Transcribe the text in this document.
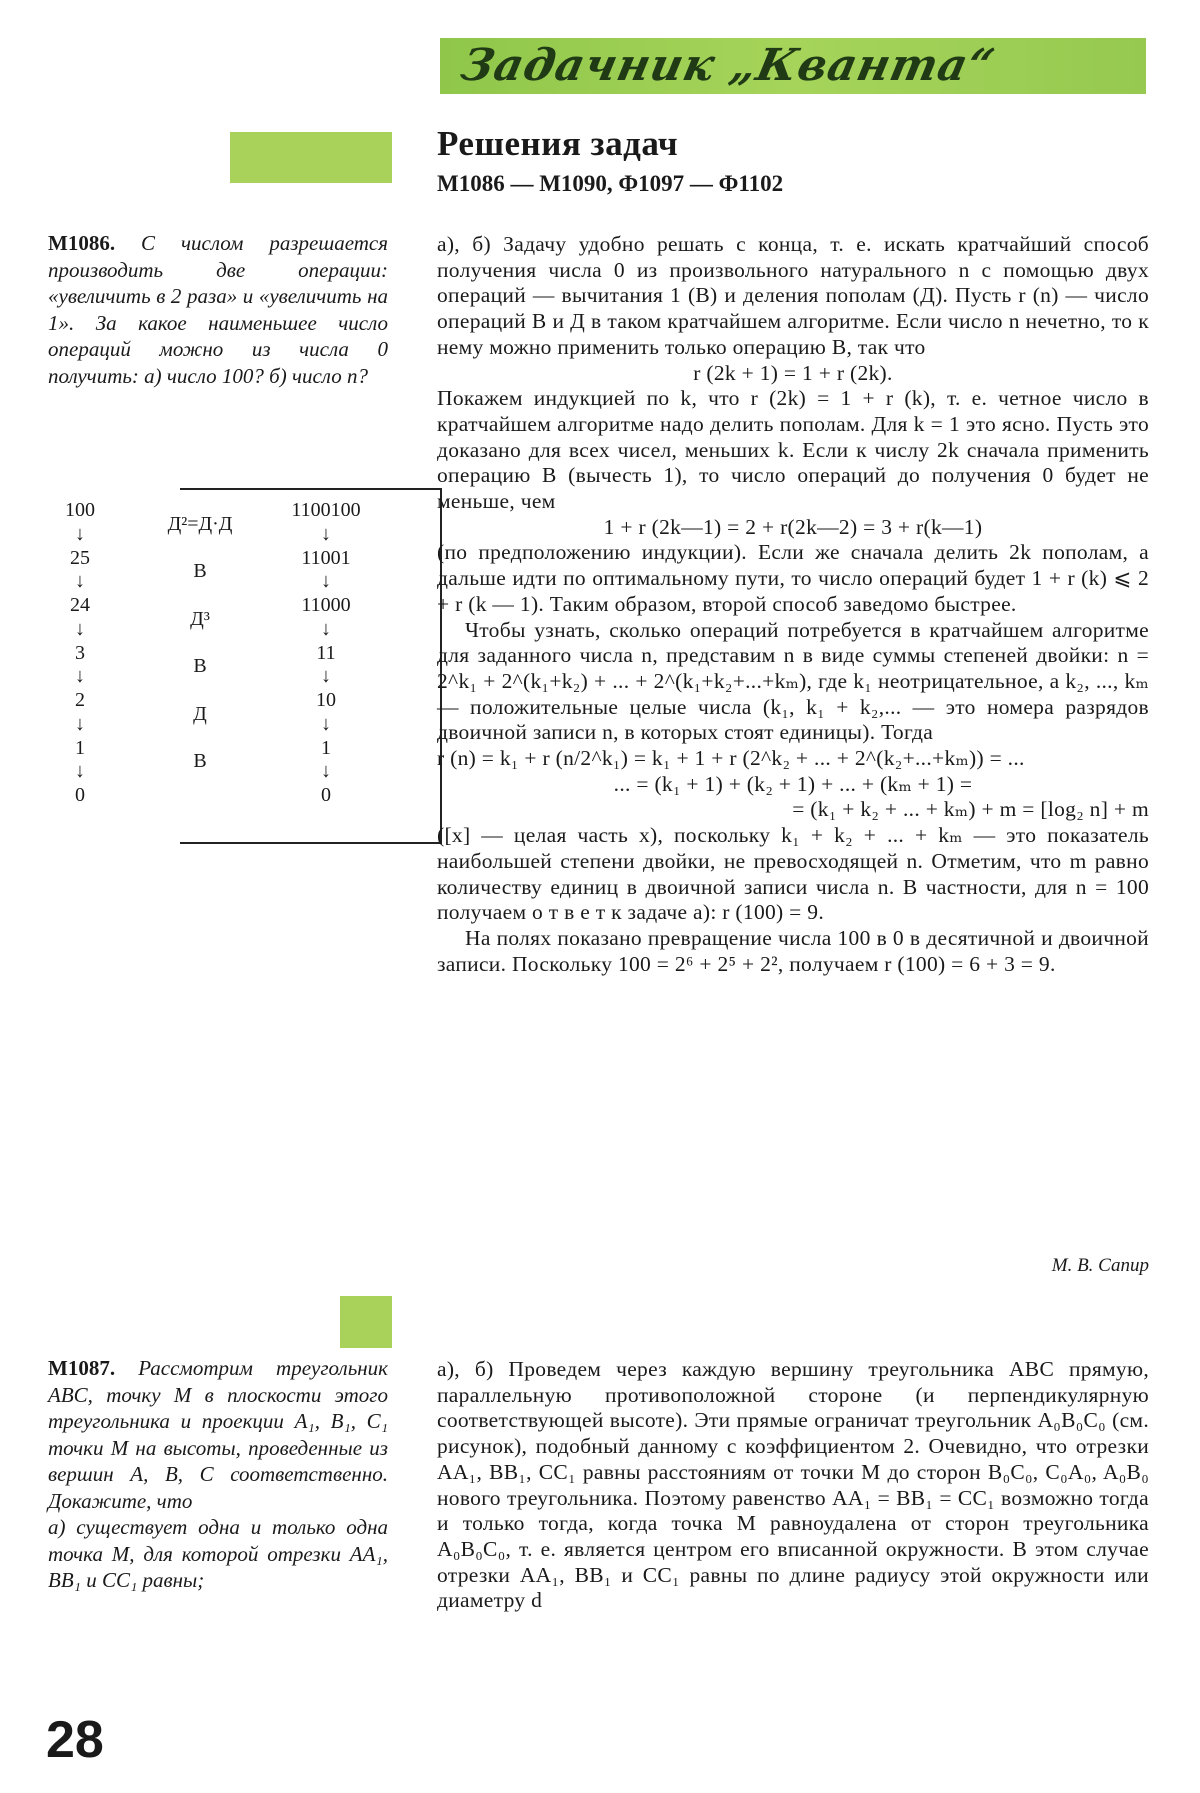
Задачник „Кванта“
Решения задач
М1086 — М1090, Ф1097 — Ф1102
М1086. С числом разрешается производить две операции: «увеличить в 2 раза» и «увеличить на 1». За какое наименьшее число операций можно из числа 0 получить: а) число 100? б) число n?
100
↓
25
↓
24
↓
3
↓
2
↓
1
↓
0
1100100
↓
11001
↓
11000
↓
11
↓
10
↓
1
↓
0
Д²=Д·Д
В
Д³
В
Д
В

а), б) Задачу удобно решать с конца, т. е. искать кратчайший способ получения числа 0 из произвольного натурального n с помощью двух операций — вычитания 1 (В) и деления пополам (Д). Пусть r (n) — число операций В и Д в таком кратчайшем алгоритме. Если число n нечетно, то к нему можно применить только операцию В, так что

r (2k + 1) = 1 + r (2k).

Покажем индукцией по k, что r (2k) = 1 + r (k), т. е. четное число в кратчайшем алгоритме надо делить пополам. Для k = 1 это ясно. Пусть это доказано для всех чисел, меньших k. Если к числу 2k сначала применить операцию В (вычесть 1), то число операций до получения 0 будет не меньше, чем

1 + r (2k—1) = 2 + r(2k—2) = 3 + r(k—1)

(по предположению индукции). Если же сначала делить 2k пополам, а дальше идти по оптимальному пути, то число операций будет 1 + r (k) ⩽ 2 + r (k — 1). Таким образом, второй способ заведомо быстрее.

Чтобы узнать, сколько операций потребуется в кратчайшем алгоритме для заданного числа n, представим n в виде суммы степеней двойки: n = 2^k₁ + 2^(k₁+k₂) + ... + 2^(k₁+k₂+...+kₘ), где k₁ неотрицательное, а k₂, ..., kₘ — положительные целые числа (k₁, k₁ + k₂,... — это номера разрядов двоичной записи n, в которых стоят единицы). Тогда

r (n) = k₁ + r (n/2^k₁) = k₁ + 1 + r (2^k₂ + ... + 2^(k₂+...+kₘ)) = ...

... = (k₁ + 1) + (k₂ + 1) + ... + (kₘ + 1) =

= (k₁ + k₂ + ... + kₘ) + m = [log₂ n] + m

([x] — целая часть x), поскольку k₁ + k₂ + ... + kₘ — это показатель наибольшей степени двойки, не превосходящей n. Отметим, что m равно количеству единиц в двоичной записи числа n. В частности, для n = 100 получаем о т в е т к задаче а): r (100) = 9.

На полях показано превращение числа 100 в 0 в десятичной и двоичной записи. Поскольку 100 = 2⁶ + 2⁵ + 2², получаем r (100) = 6 + 3 = 9.

М. В. Сапир
М1087. Рассмотрим треугольник ABC, точку M в плоскости этого треугольника и проекции A₁, B₁, C₁ точки M на высоты, проведенные из вершин A, B, C соответственно. Докажите, что
а) существует одна и только одна точка M, для которой отрезки AA₁, BB₁ и CC₁ равны;

а), б) Проведем через каждую вершину треугольника ABC прямую, параллельную противоположной стороне (и перпендикулярную соответствующей высоте). Эти прямые ограничат треугольник A₀B₀C₀ (см. рисунок), подобный данному с коэффициентом 2. Очевидно, что отрезки AA₁, BB₁, CC₁ равны расстояниям от точки M до сторон B₀C₀, C₀A₀, A₀B₀ нового треугольника. Поэтому равенство AA₁ = BB₁ = CC₁ возможно тогда и только тогда, когда точка M равноудалена от сторон треугольника A₀B₀C₀, т. е. является центром его вписанной окружности. В этом случае отрезки AA₁, BB₁ и CC₁ равны по длине радиусу этой окружности или диаметру d

28
